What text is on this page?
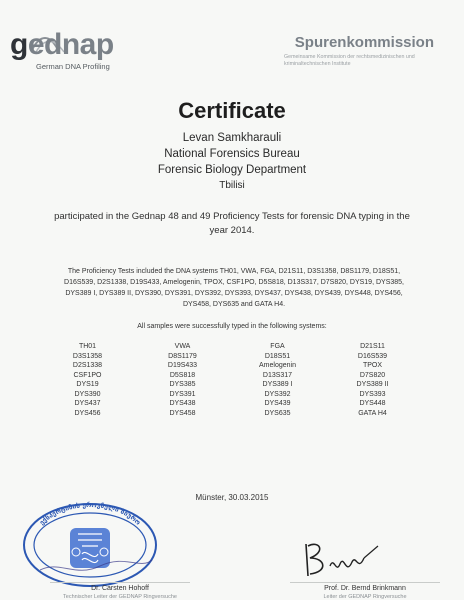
gednap
German DNA Profiling
Spurenkommission
Gemeinsame Kommission der rechtsmedizinischen und kriminaltechnischen Institute
Certificate
Levan Samkharauli
National Forensics Bureau
Forensic Biology Department
Tbilisi
participated in the Gednap 48 and 49 Proficiency Tests for forensic DNA typing in the year 2014.
The Proficiency Tests included the DNA systems TH01, VWA, FGA, D21S11, D3S1358, D8S1179, D18S51, D16S539, D2S1338, D19S433, Amelogenin, TPOX, CSF1PO, D5S818, D13S317, D7S820, DYS19, DYS385, DYS389 I, DYS389 II, DYS390, DYS391, DYS392, DYS393, DYS437, DYS438, DYS439, DYS448, DYS456, DYS458, DYS635 and GATA H4.
All samples were successfully typed in the following systems:
TH01
D3S1358
D2S1338
CSF1PO
DYS19
DYS390
DYS437
DYS456
VWA
D8S1179
D19S433
D5S818
DYS385
DYS391
DYS438
DYS458
FGA
D18S51
Amelogenin
D13S317
DYS389 I
DYS392
DYS439
DYS635
D21S11
D16S539
TPOX
D7S820
DYS389 II
DYS393
DYS448
GATA H4
Münster, 30.03.2015
ექსპერტიზის ეროვნული ბიურო
Dr. Carsten Hohoff
Technischer Leiter der GEDNAP Ringversuche
Prof. Dr. Bernd Brinkmann
Leiter der GEDNAP Ringversuche
